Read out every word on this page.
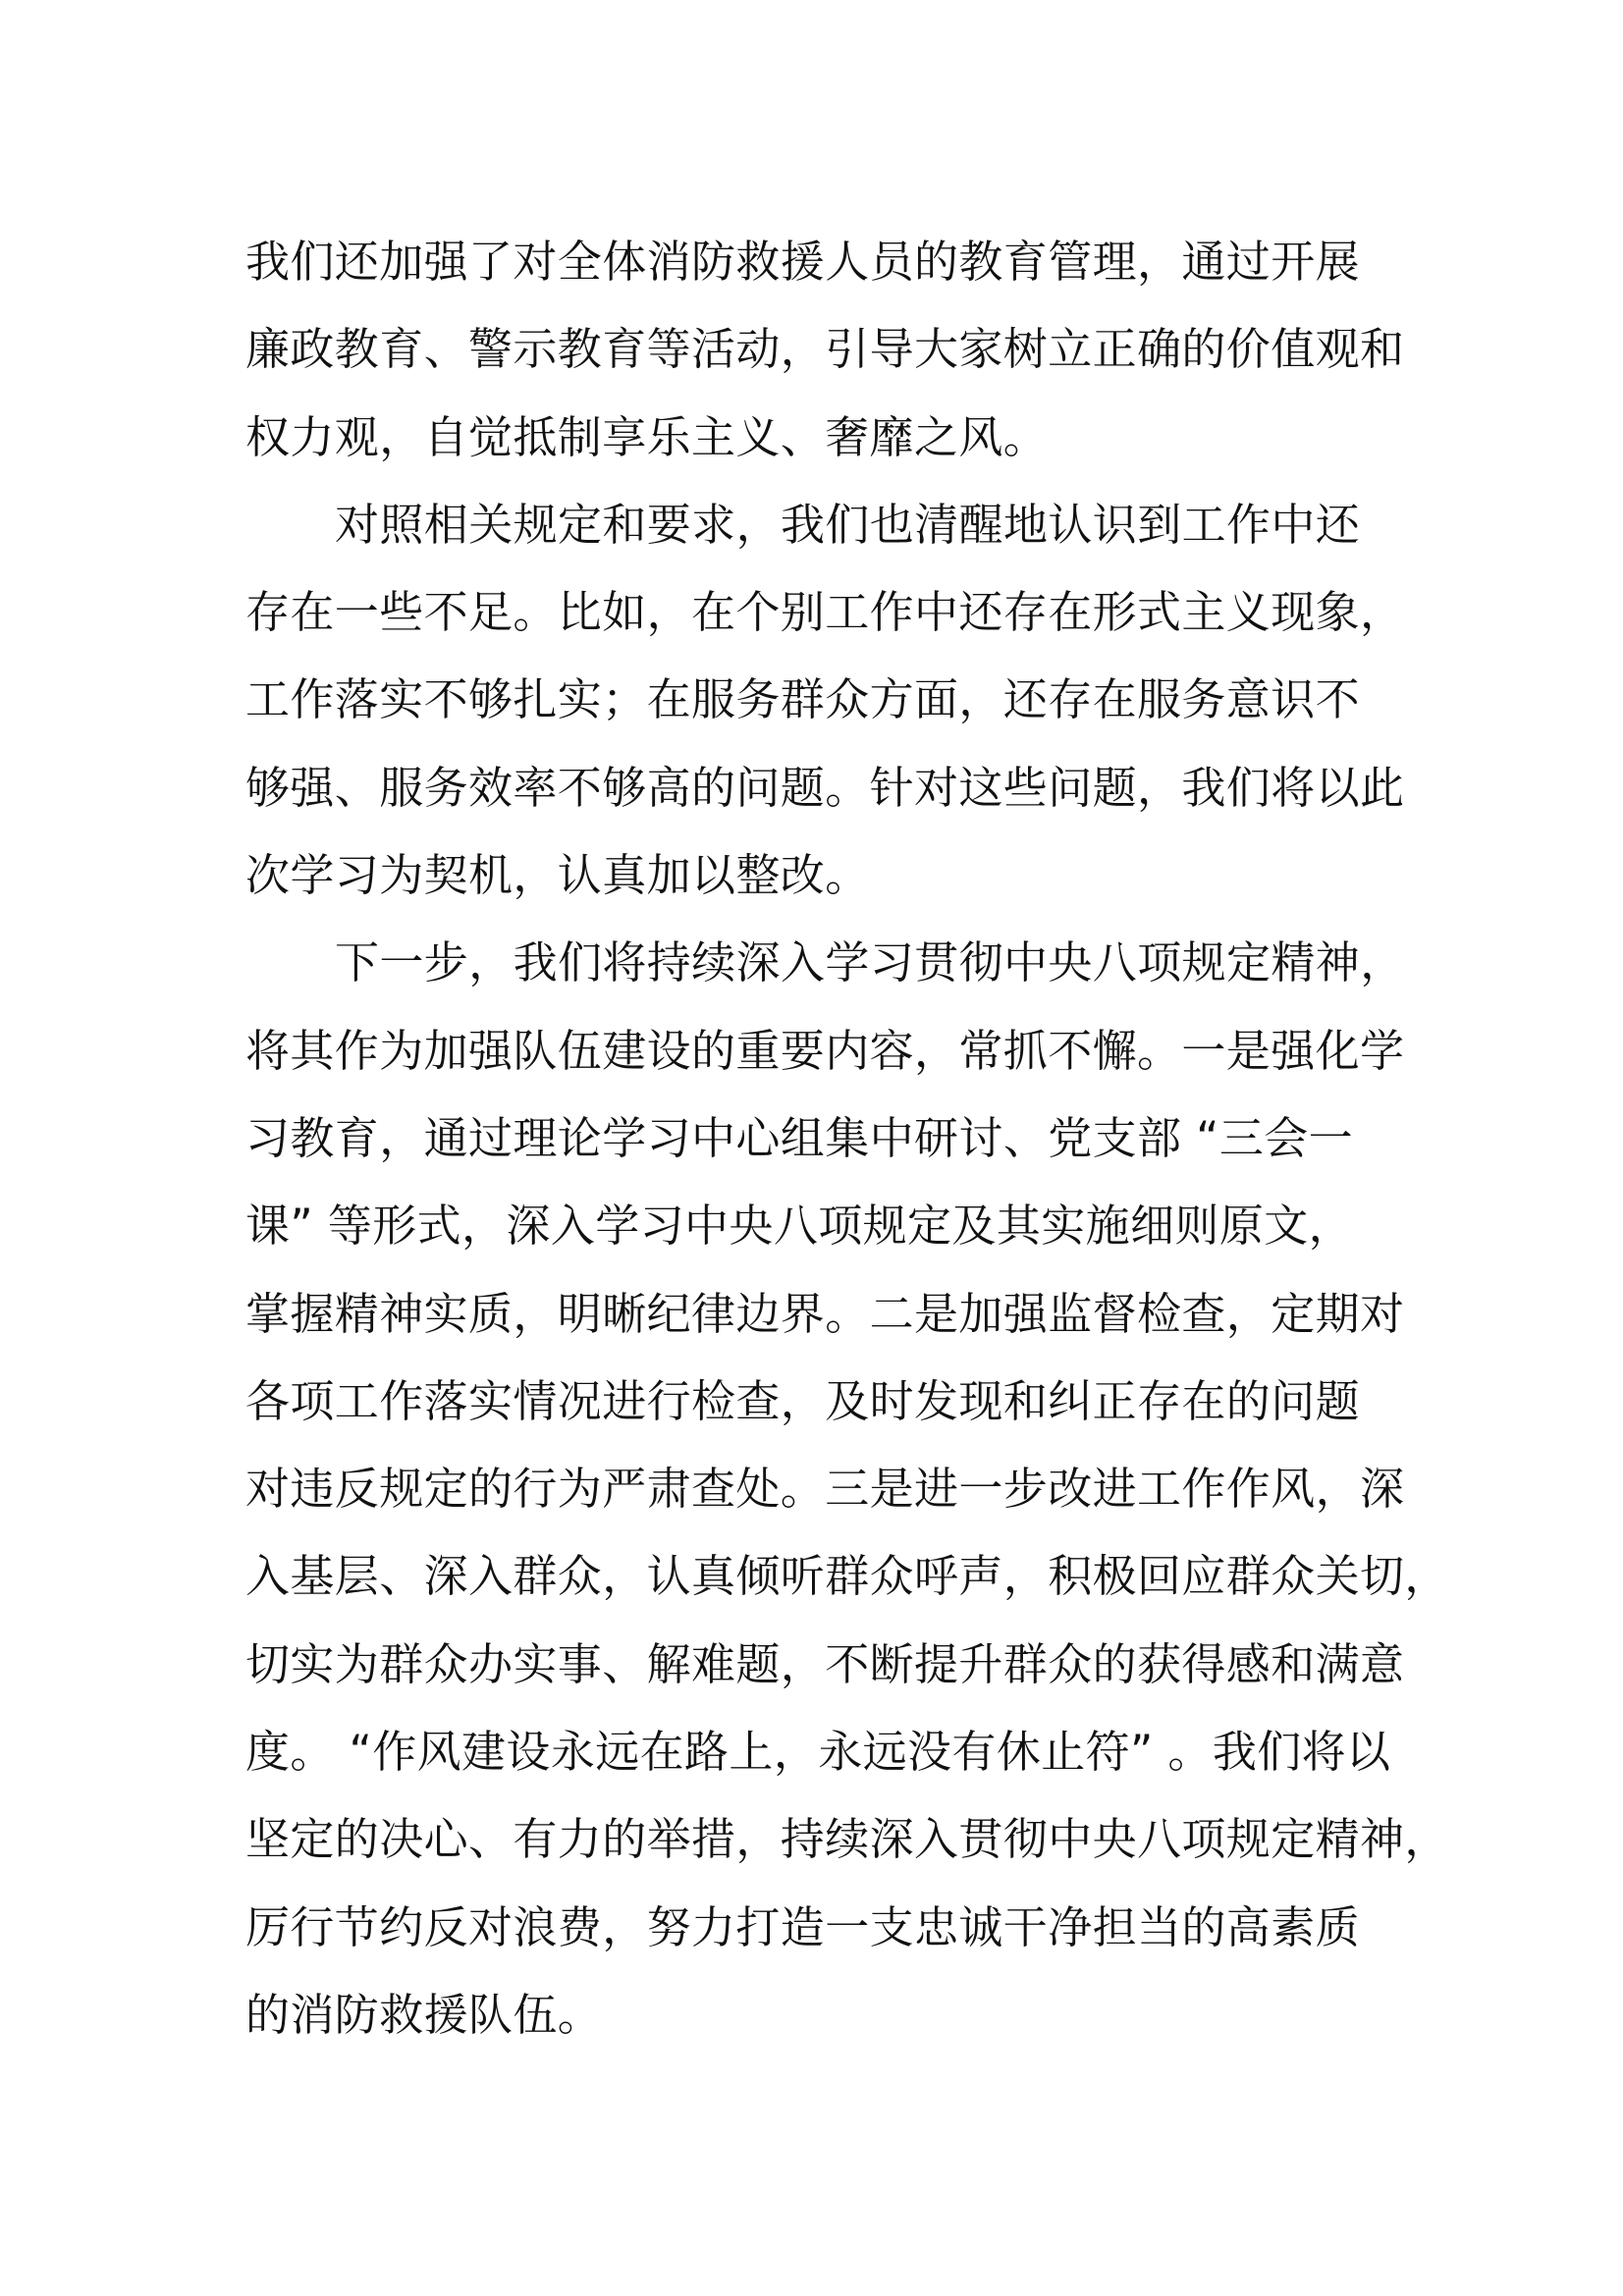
我们还加强了对全体消防救援人员的教育管理，通过开展
廉政教育、警示教育等活动，引导大家树立正确的价值观和
权力观，自觉抵制享乐主义、奢靡之风。
对照相关规定和要求，我们也清醒地认识到工作中还
存在一些不足。比如，在个别工作中还存在形式主义现象，
工作落实不够扎实；在服务群众方面，还存在服务意识不
够强、服务效率不够高的问题。针对这些问题，我们将以此
次学习为契机，认真加以整改。
下一步，我们将持续深入学习贯彻中央八项规定精神，
将其作为加强队伍建设的重要内容，常抓不懈。一是强化学
习教育，通过理论学习中心组集中研讨、党支部 “三会一
课” 等形式，深入学习中央八项规定及其实施细则原文，
掌握精神实质，明晰纪律边界。二是加强监督检查，定期对
各项工作落实情况进行检查，及时发现和纠正存在的问题
对违反规定的行为严肃查处。三是进一步改进工作作风，深
入基层、深入群众，认真倾听群众呼声，积极回应群众关切，
切实为群众办实事、解难题，不断提升群众的获得感和满意
度。 “作风建设永远在路上，永远没有休止符” 。我们将以
坚定的决心、有力的举措，持续深入贯彻中央八项规定精神，
厉行节约反对浪费，努力打造一支忠诚干净担当的高素质
的消防救援队伍。
